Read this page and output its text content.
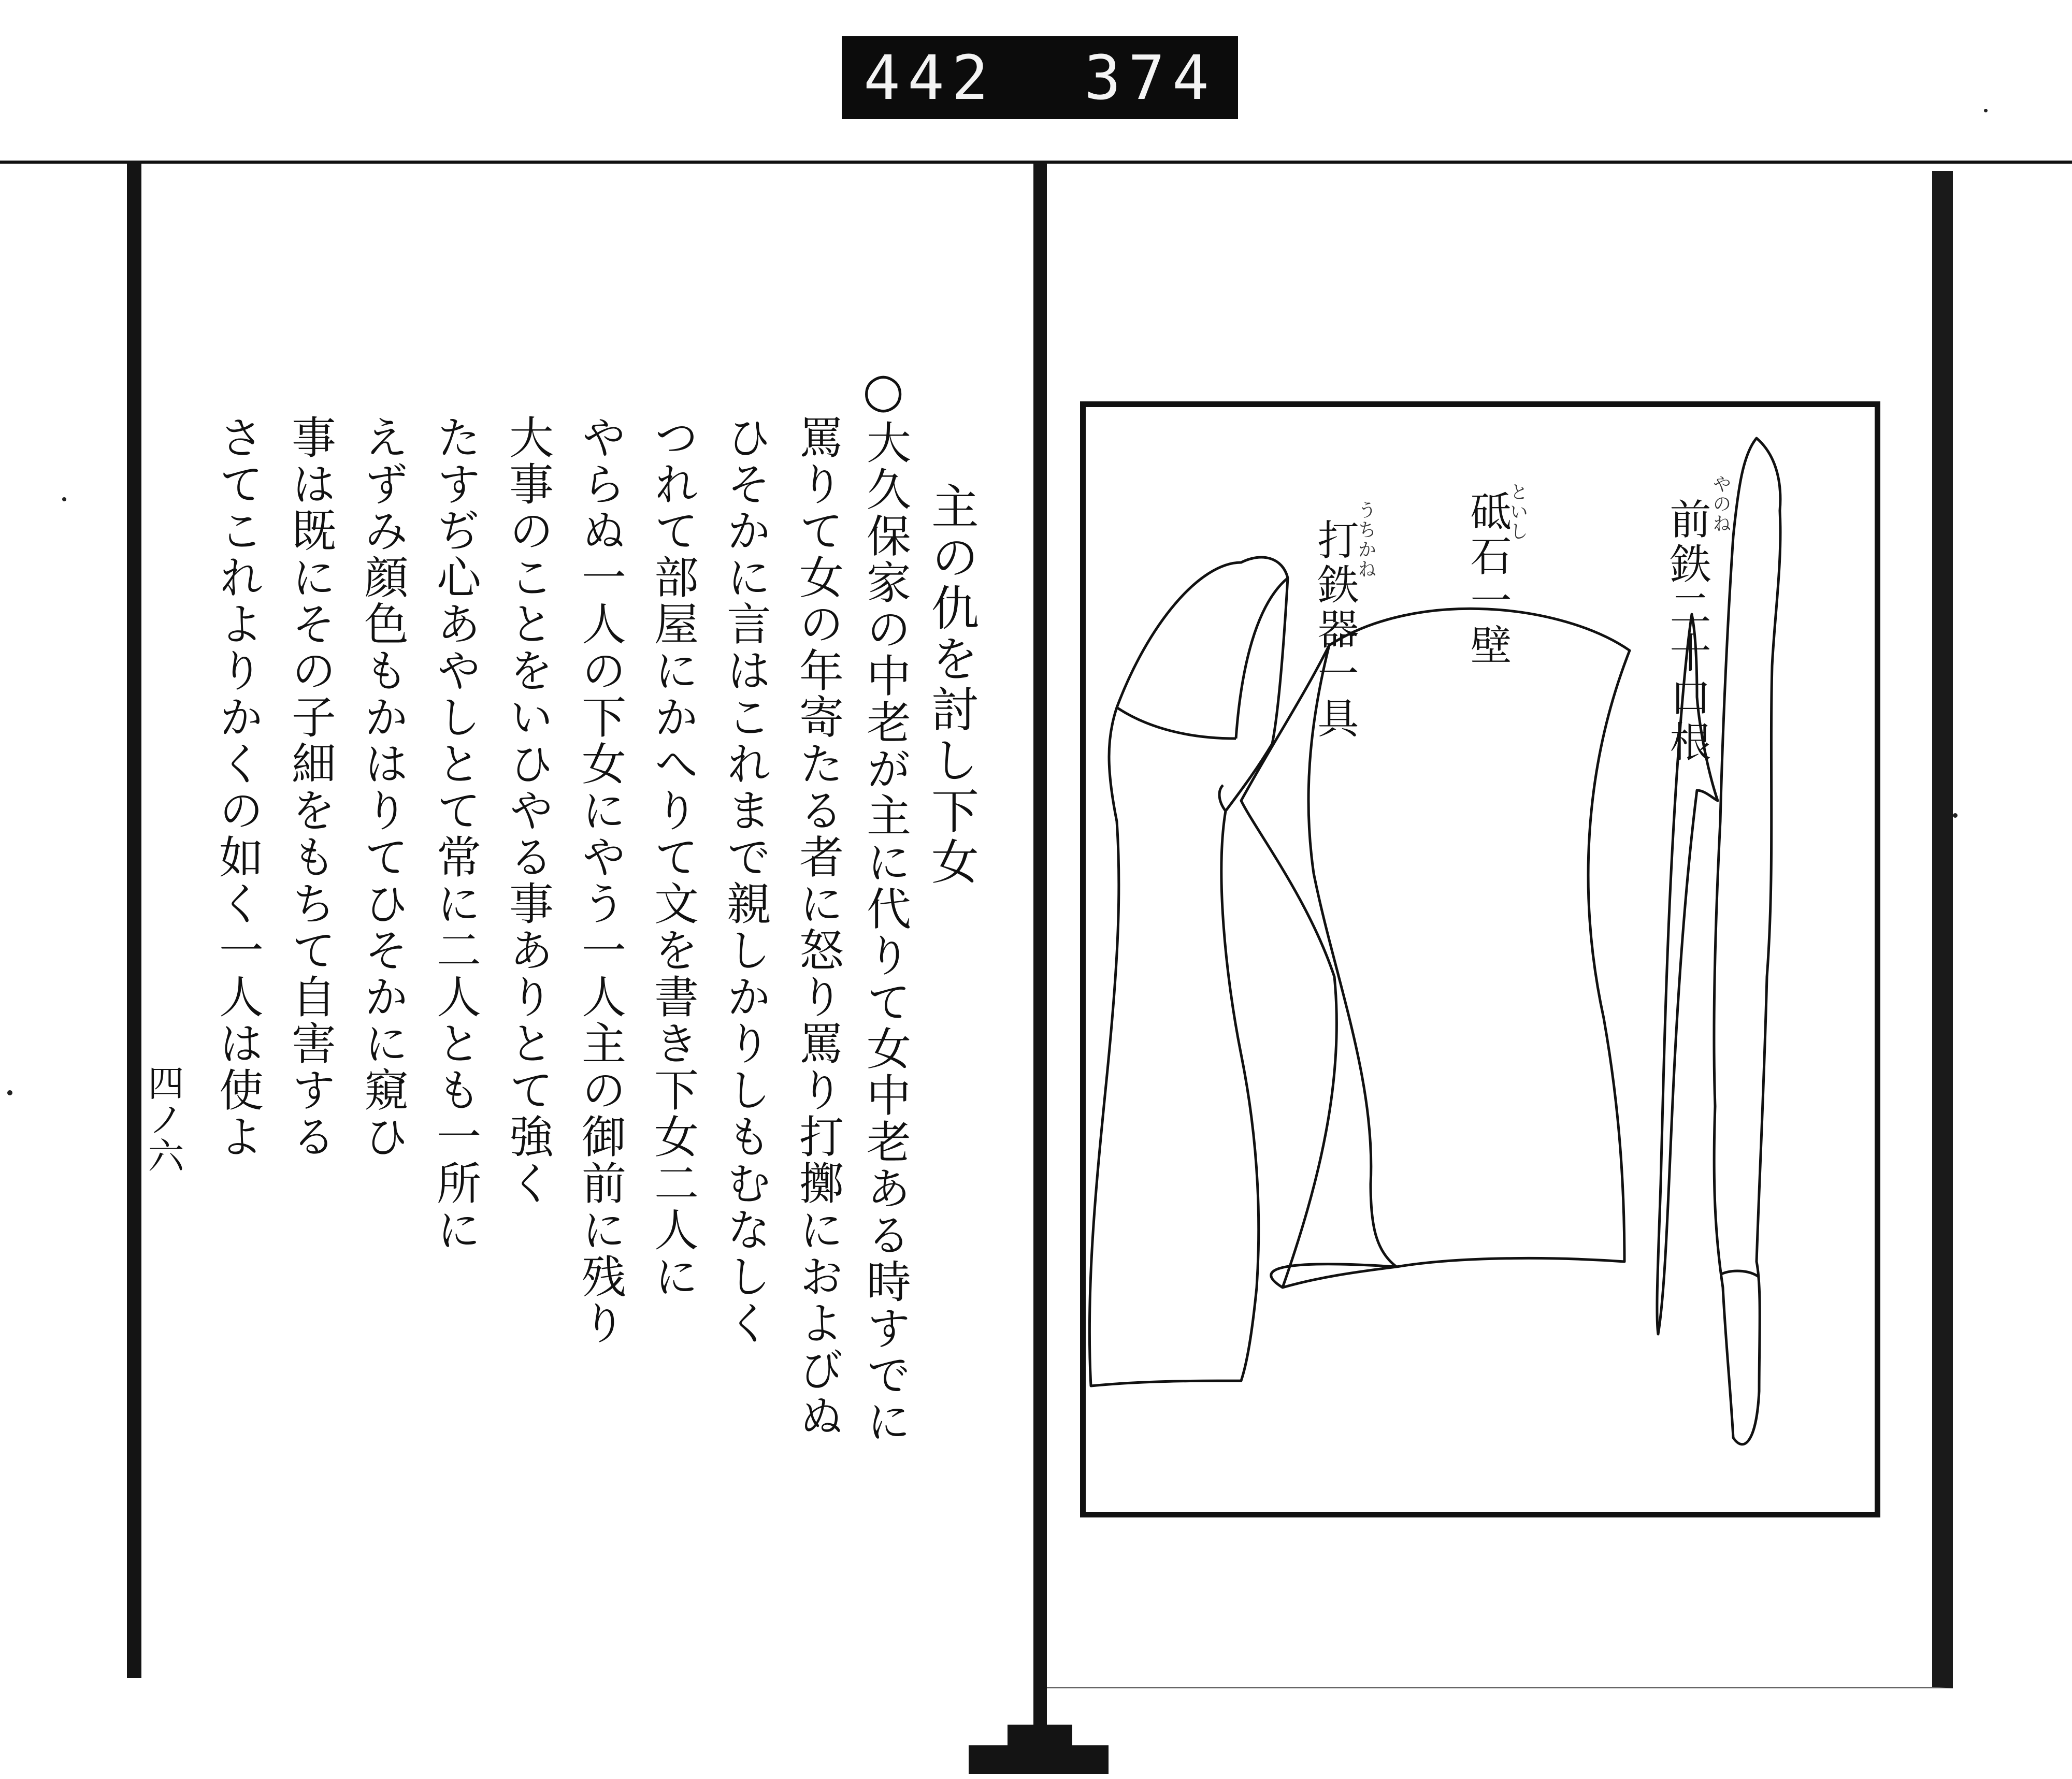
442 374
主の仇を討し下女
○
大久保家の中老が主に代りて女中老ある時すでに
罵りて女の年寄たる者に怒り罵り打擲におよびぬ
ひそかに言はこれまで親しかりしもむなしく
つれて部屋にかへりて文を書き下女二人に
やらぬ一人の下女にやう一人主の御前に残り
大事のことをいひやる事ありとて強く
たすぢ心あやしとて常に二人とも一所に
えずみ顔色もかはりてひそかに窺ひ
事は既にその子細をもちて自害する
さてこれよりかくの如く一人は使よ
四ノ六
やのね
前鉄二十口根
といし
砥石一壁
うちかね
打鉄器一具
